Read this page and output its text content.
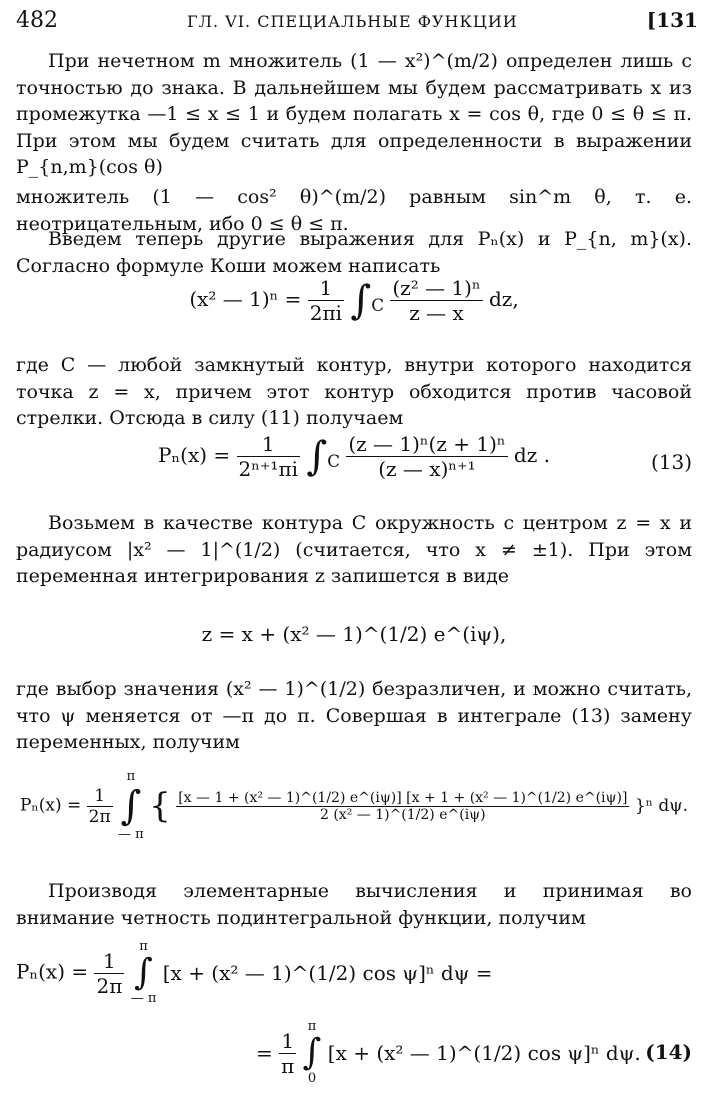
482	ГЛ. VI. СПЕЦИАЛЬНЫЕ ФУНКЦИИ	[131

При нечетном m множитель (1 — x²)^(m/2) определен лишь с точностью до знака. В дальнейшем мы будем рассматривать x из промежутка —1 ≤ x ≤ 1 и будем полагать x = cos θ, где 0 ≤ θ ≤ π. При этом мы будем считать для определенности в выражении P_{n,m}(cos θ)

множитель (1 — cos² θ)^(m/2) равным sin^m θ, т. е. неотрицательным, ибо 0 ≤ θ ≤ π.

Введем теперь другие выражения для Pₙ(x) и P_{n, m}(x). Согласно формуле Коши можем написать

(x² — $1)^n = \frac{1}{2\pi i} \int_C \frac{\text{(z² — 1)ⁿ}}{z — x}$ dz,

где C — любой замкнутый контур, внутри которого находится точка z = x, причем этот контур обходится против часовой стрелки. Отсюда в силу (11) получаем

$P_n(x) = \frac{1}{\text{2ⁿ⁺¹πi}} \int_C \frac{\text{(z — 1)ⁿ(z + 1)ⁿ}}{\text{(z — x)ⁿ⁺¹}}$ dz .	(13)

Возьмем в качестве контура C окружность с центром z = x и радиусом |x² — 1|^(1/2) (считается, что x ≠ ±1). При этом переменная интегрирования z запишется в виде

z = x + (x² — 1)^(1/2) e^(iψ),

где выбор значения (x² — 1)^(1/2) безразличен, и можно считать, что ψ меняется от —π до π. Совершая в интеграле (13) замену переменных, получим

$P_n(x) = \frac{1}{2\pi}$

π
∫
— π
{ [x — 1 + (x² — 1)^(1/2) e^(iψ)] [x + 1 + (x² — 1)^(1/2) e^(iψ)]
2 (x² — 1)^(1/2) e^(iψ)	}ⁿ dψ.

Производя элементарные вычисления и принимая во внимание четность подинтегральной функции, получим

$P_n(x) = \frac{1}{2\pi}$

π
∫
— π
[x + (x² — 1)^(1/2) cos ψ]ⁿ dψ =
= $\frac{1}{\pi}$

π
∫
0
[x + (x² — 1)^(1/2) cos ψ]ⁿ dψ. (14)
